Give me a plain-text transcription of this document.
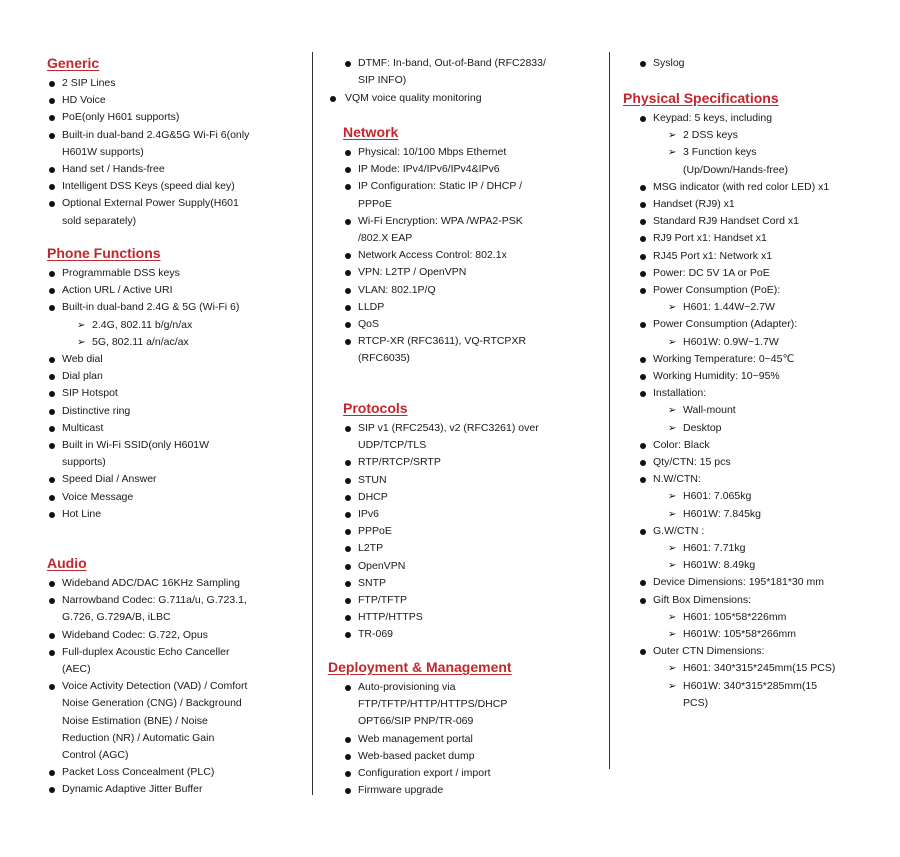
Generic
2 SIP Lines
HD Voice
PoE(only H601 supports)
Built-in dual-band 2.4G&5G Wi-Fi 6(only
H601W supports)
Hand set / Hands-free
Intelligent DSS Keys (speed dial key)
Optional External Power Supply(H601
sold separately)
Phone Functions
Programmable DSS keys
Action URL / Active URI
Built-in dual-band 2.4G & 5G (Wi-Fi 6)
➢ 2.4G, 802.11 b/g/n/ax
➢ 5G, 802.11 a/n/ac/ax
Web dial
Dial plan
SIP Hotspot
Distinctive ring
Multicast
Built in Wi-Fi SSID(only H601W
supports)
Speed Dial / Answer
Voice Message
Hot Line
Audio
Wideband ADC/DAC 16KHz Sampling
Narrowband Codec: G.711a/u, G.723.1,
G.726, G.729A/B, iLBC
Wideband Codec: G.722, Opus
Full-duplex Acoustic Echo Canceller
(AEC)
Voice Activity Detection (VAD) / Comfort
Noise Generation (CNG) / Background
Noise Estimation (BNE) / Noise
Reduction (NR) / Automatic Gain
Control (AGC)
Packet Loss Concealment (PLC)
Dynamic Adaptive Jitter Buffer
DTMF: In-band, Out-of-Band (RFC2833/
SIP INFO)
VQM voice quality monitoring
Network
Physical: 10/100 Mbps Ethernet
IP Mode: IPv4/IPv6/IPv4&IPv6
IP Configuration: Static IP / DHCP /
PPPoE
Wi-Fi Encryption: WPA /WPA2-PSK
/802.X EAP
Network Access Control: 802.1x
VPN: L2TP / OpenVPN
VLAN: 802.1P/Q
LLDP
QoS
RTCP-XR (RFC3611), VQ-RTCPXR
(RFC6035)
Protocols
SIP v1 (RFC2543), v2 (RFC3261) over
UDP/TCP/TLS
RTP/RTCP/SRTP
STUN
DHCP
IPv6
PPPoE
L2TP
OpenVPN
SNTP
FTP/TFTP
HTTP/HTTPS
TR-069
Deployment & Management
Auto-provisioning via
FTP/TFTP/HTTP/HTTPS/DHCP
OPT66/SIP PNP/TR-069
Web management portal
Web-based packet dump
Configuration export / import
Firmware upgrade
Syslog
Physical Specifications
Keypad: 5 keys, including
➢ 2 DSS keys
➢ 3 Function keys
(Up/Down/Hands-free)
MSG indicator (with red color LED) x1
Handset (RJ9) x1
Standard RJ9 Handset Cord x1
RJ9 Port x1: Handset x1
RJ45 Port x1: Network x1
Power: DC 5V 1A or PoE
Power Consumption (PoE):
➢ H601: 1.44W~2.7W
Power Consumption (Adapter):
➢ H601W: 0.9W~1.7W
Working Temperature: 0~45℃
Working Humidity: 10~95%
Installation:
➢ Wall-mount
➢ Desktop
Color: Black
Qty/CTN: 15 pcs
N.W/CTN:
➢ H601: 7.065kg
➢ H601W: 7.845kg
G.W/CTN :
➢ H601: 7.71kg
➢ H601W: 8.49kg
Device Dimensions: 195*181*30 mm
Gift Box Dimensions:
➢ H601: 105*58*226mm
➢ H601W: 105*58*266mm
Outer CTN Dimensions:
➢ H601: 340*315*245mm(15 PCS)
➢ H601W: 340*315*285mm(15
PCS)
